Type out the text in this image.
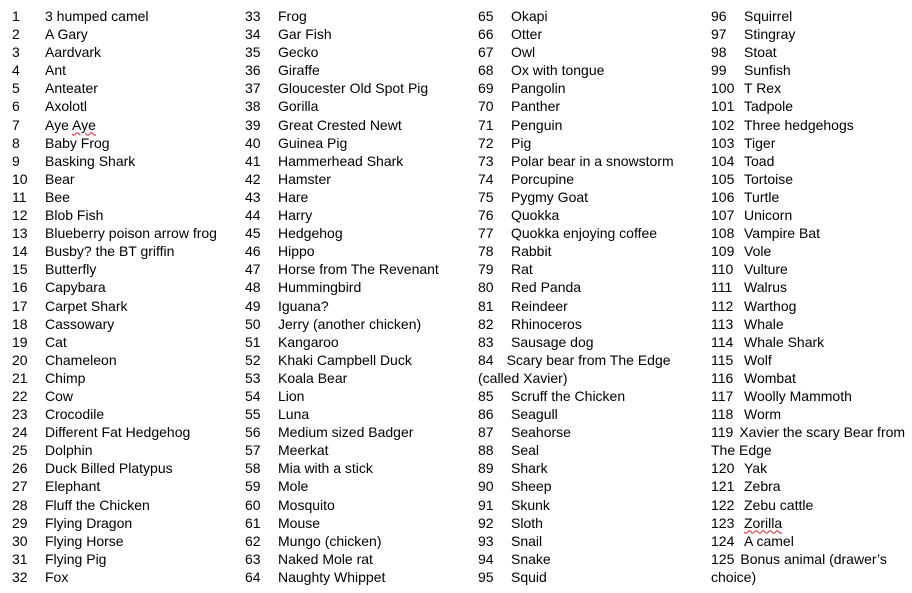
1 3 humped camel
2 A Gary
3 Aardvark
4 Ant
5 Anteater
6 Axolotl
7 Aye Aye
8 Baby Frog
9 Basking Shark
10 Bear
11 Bee
12 Blob Fish
13 Blueberry poison arrow frog
14 Busby? the BT griffin
15 Butterfly
16 Capybara
17 Carpet Shark
18 Cassowary
19 Cat
20 Chameleon
21 Chimp
22 Cow
23 Crocodile
24 Different Fat Hedgehog
25 Dolphin
26 Duck Billed Platypus
27 Elephant
28 Fluff the Chicken
29 Flying Dragon
30 Flying Horse
31 Flying Pig
32 Fox
33 Frog
34 Gar Fish
35 Gecko
36 Giraffe
37 Gloucester Old Spot Pig
38 Gorilla
39 Great Crested Newt
40 Guinea Pig
41 Hammerhead Shark
42 Hamster
43 Hare
44 Harry
45 Hedgehog
46 Hippo
47 Horse from The Revenant
48 Hummingbird
49 Iguana?
50 Jerry (another chicken)
51 Kangaroo
52 Khaki Campbell Duck
53 Koala Bear
54 Lion
55 Luna
56 Medium sized Badger
57 Meerkat
58 Mia with a stick
59 Mole
60 Mosquito
61 Mouse
62 Mungo (chicken)
63 Naked Mole rat
64 Naughty Whippet
65 Okapi
66 Otter
67 Owl
68 Ox with tongue
69 Pangolin
70 Panther
71 Penguin
72 Pig
73 Polar bear in a snowstorm
74 Porcupine
75 Pygmy Goat
76 Quokka
77 Quokka enjoying coffee
78 Rabbit
79 Rat
80 Red Panda
81 Reindeer
82 Rhinoceros
83 Sausage dog
84 Scary bear from The Edge (called Xavier)
85 Scruff the Chicken
86 Seagull
87 Seahorse
88 Seal
89 Shark
90 Sheep
91 Skunk
92 Sloth
93 Snail
94 Snake
95 Squid
96 Squirrel
97 Stingray
98 Stoat
99 Sunfish
100 T Rex
101 Tadpole
102 Three hedgehogs
103 Tiger
104 Toad
105 Tortoise
106 Turtle
107 Unicorn
108 Vampire Bat
109 Vole
110 Vulture
111 Walrus
112 Warthog
113 Whale
114 Whale Shark
115 Wolf
116 Wombat
117 Woolly Mammoth
118 Worm
119 Xavier the scary Bear from The Edge
120 Yak
121 Zebra
122 Zebu cattle
123 Zorilla
124 A camel
125 Bonus animal (drawer’s choice)
